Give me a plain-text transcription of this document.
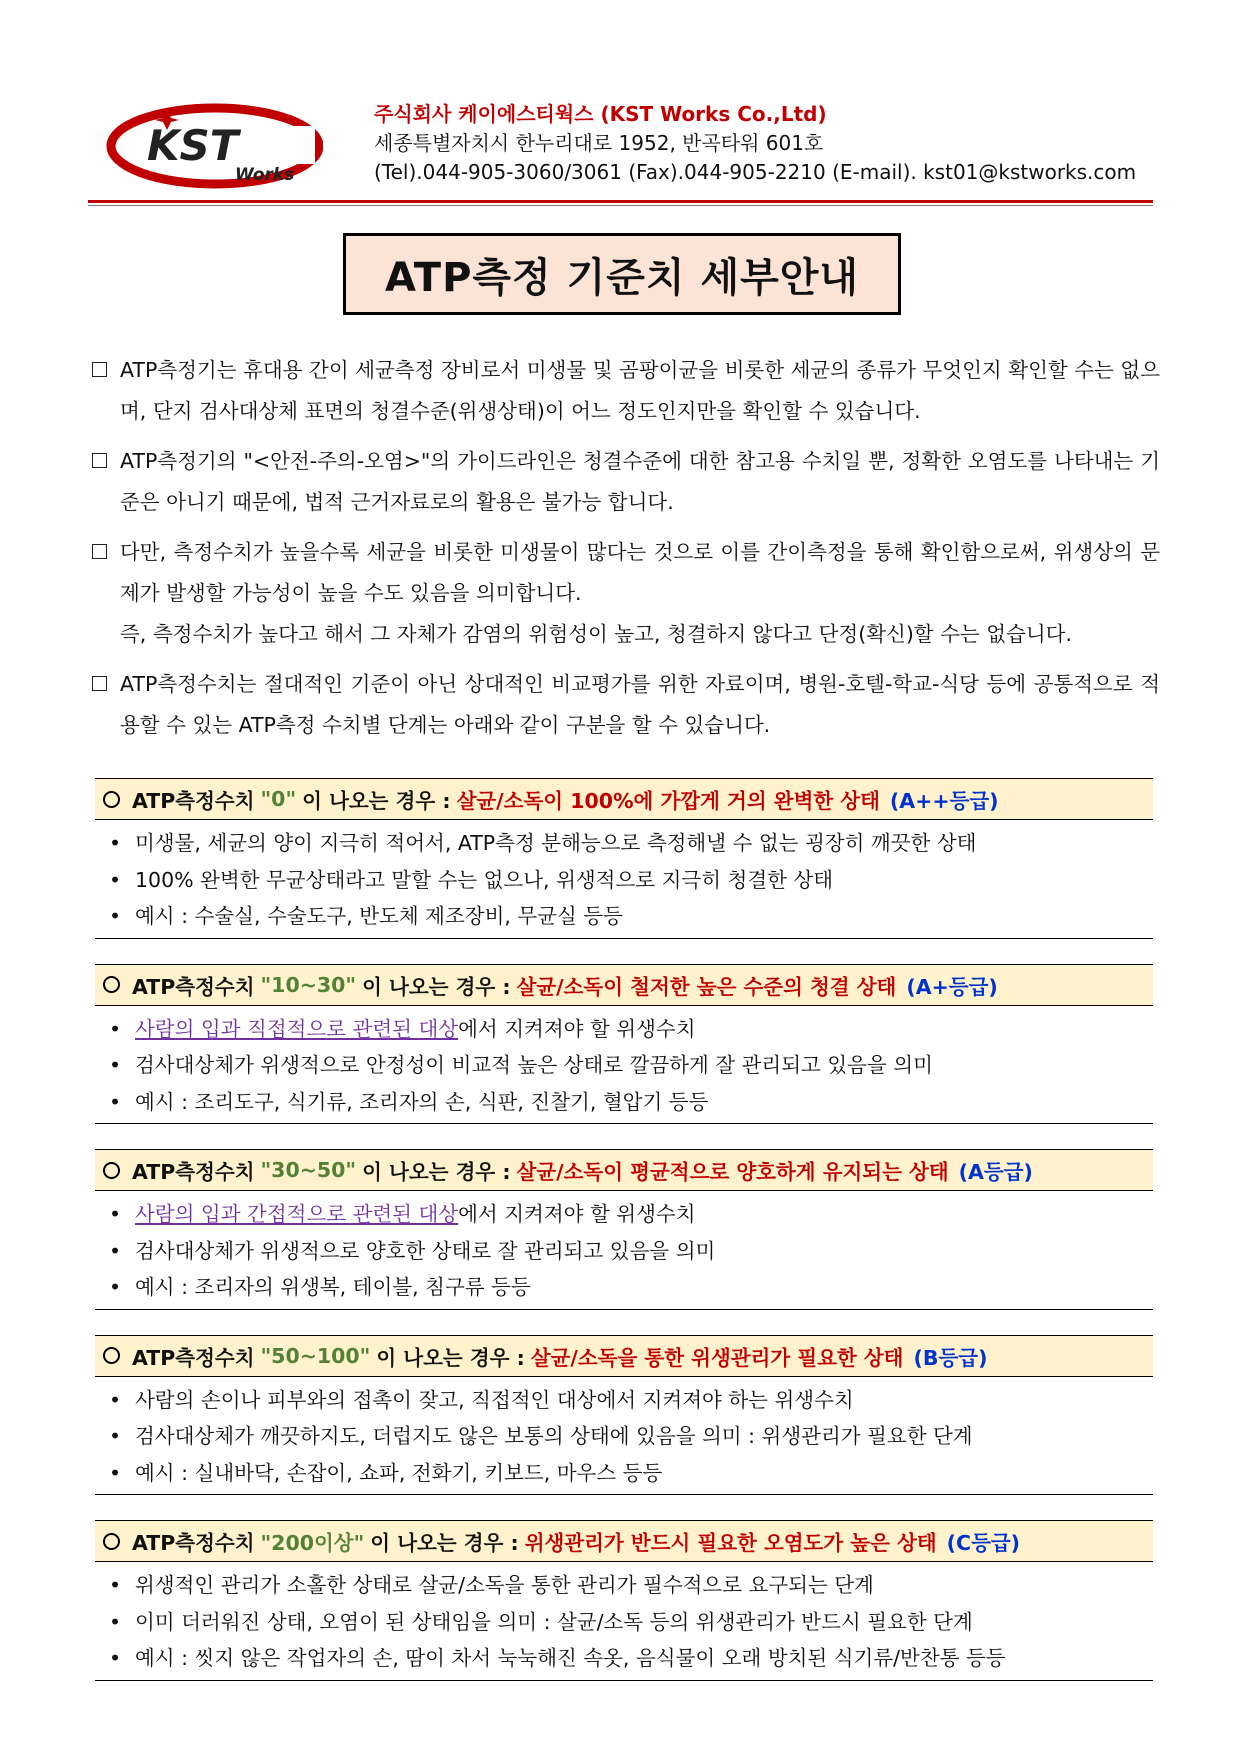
KST
Works
주식회사 케이에스티웍스 (KST Works Co.,Ltd)
세종특별자치시 한누리대로 1952, 반곡타워 601호
(Tel).044-905-3060/3061 (Fax).044-905-2210 (E-mail). kst01@kstworks.com
ATP측정 기준치 세부안내

ATP측정기는 휴대용 간이 세균측정 장비로서 미생물 및 곰팡이균을 비롯한 세균의 종류가 무엇인지 확인할 수는 없으며, 단지 검사대상체 표면의 청결수준(위생상태)이 어느 정도인지만을 확인할 수 있습니다.

ATP측정기의 "<안전-주의-오염>"의 가이드라인은 청결수준에 대한 참고용 수치일 뿐, 정확한 오염도를 나타내는 기준은 아니기 때문에, 법적 근거자료로의 활용은 불가능 합니다.

다만, 측정수치가 높을수록 세균을 비롯한 미생물이 많다는 것으로 이를 간이측정을 통해 확인함으로써, 위생상의 문제가 발생할 가능성이 높을 수도 있음을 의미합니다.

즉, 측정수치가 높다고 해서 그 자체가 감염의 위험성이 높고, 청결하지 않다고 단정(확신)할 수는 없습니다.

ATP측정수치는 절대적인 기준이 아닌 상대적인 비교평가를 위한 자료이며, 병원-호텔-학교-식당 등에 공통적으로 적용할 수 있는 ATP측정 수치별 단계는 아래와 같이 구분을 할 수 있습니다.

ATP측정수치 "0" 이 나오는 경우 : 살균/소독이 100%에 가깝게 거의 완벽한 상태 (A++등급)
• 미생물, 세균의 양이 지극히 적어서, ATP측정 분해능으로 측정해낼 수 없는 굉장히 깨끗한 상태
• 100% 완벽한 무균상태라고 말할 수는 없으나, 위생적으로 지극히 청결한 상태
• 예시 : 수술실, 수술도구, 반도체 제조장비, 무균실 등등
ATP측정수치 "10~30" 이 나오는 경우 : 살균/소독이 철저한 높은 수준의 청결 상태 (A+등급)
• 사람의 입과 직접적으로 관련된 대상에서 지켜져야 할 위생수치
• 검사대상체가 위생적으로 안정성이 비교적 높은 상태로 깔끔하게 잘 관리되고 있음을 의미
• 예시 : 조리도구, 식기류, 조리자의 손, 식판, 진찰기, 혈압기 등등
ATP측정수치 "30~50" 이 나오는 경우 : 살균/소독이 평균적으로 양호하게 유지되는 상태 (A등급)
• 사람의 입과 간접적으로 관련된 대상에서 지켜져야 할 위생수치
• 검사대상체가 위생적으로 양호한 상태로 잘 관리되고 있음을 의미
• 예시 : 조리자의 위생복, 테이블, 침구류 등등
ATP측정수치 "50~100" 이 나오는 경우 : 살균/소독을 통한 위생관리가 필요한 상태 (B등급)
• 사람의 손이나 피부와의 접촉이 잦고, 직접적인 대상에서 지켜져야 하는 위생수치
• 검사대상체가 깨끗하지도, 더럽지도 않은 보통의 상태에 있음을 의미 : 위생관리가 필요한 단계
• 예시 : 실내바닥, 손잡이, 쇼파, 전화기, 키보드, 마우스 등등
ATP측정수치 "200이상" 이 나오는 경우 : 위생관리가 반드시 필요한 오염도가 높은 상태 (C등급)
• 위생적인 관리가 소홀한 상태로 살균/소독을 통한 관리가 필수적으로 요구되는 단계
• 이미 더러워진 상태, 오염이 된 상태임을 의미 : 살균/소독 등의 위생관리가 반드시 필요한 단계
• 예시 : 씻지 않은 작업자의 손, 땀이 차서 눅눅해진 속옷, 음식물이 오래 방치된 식기류/반찬통 등등
